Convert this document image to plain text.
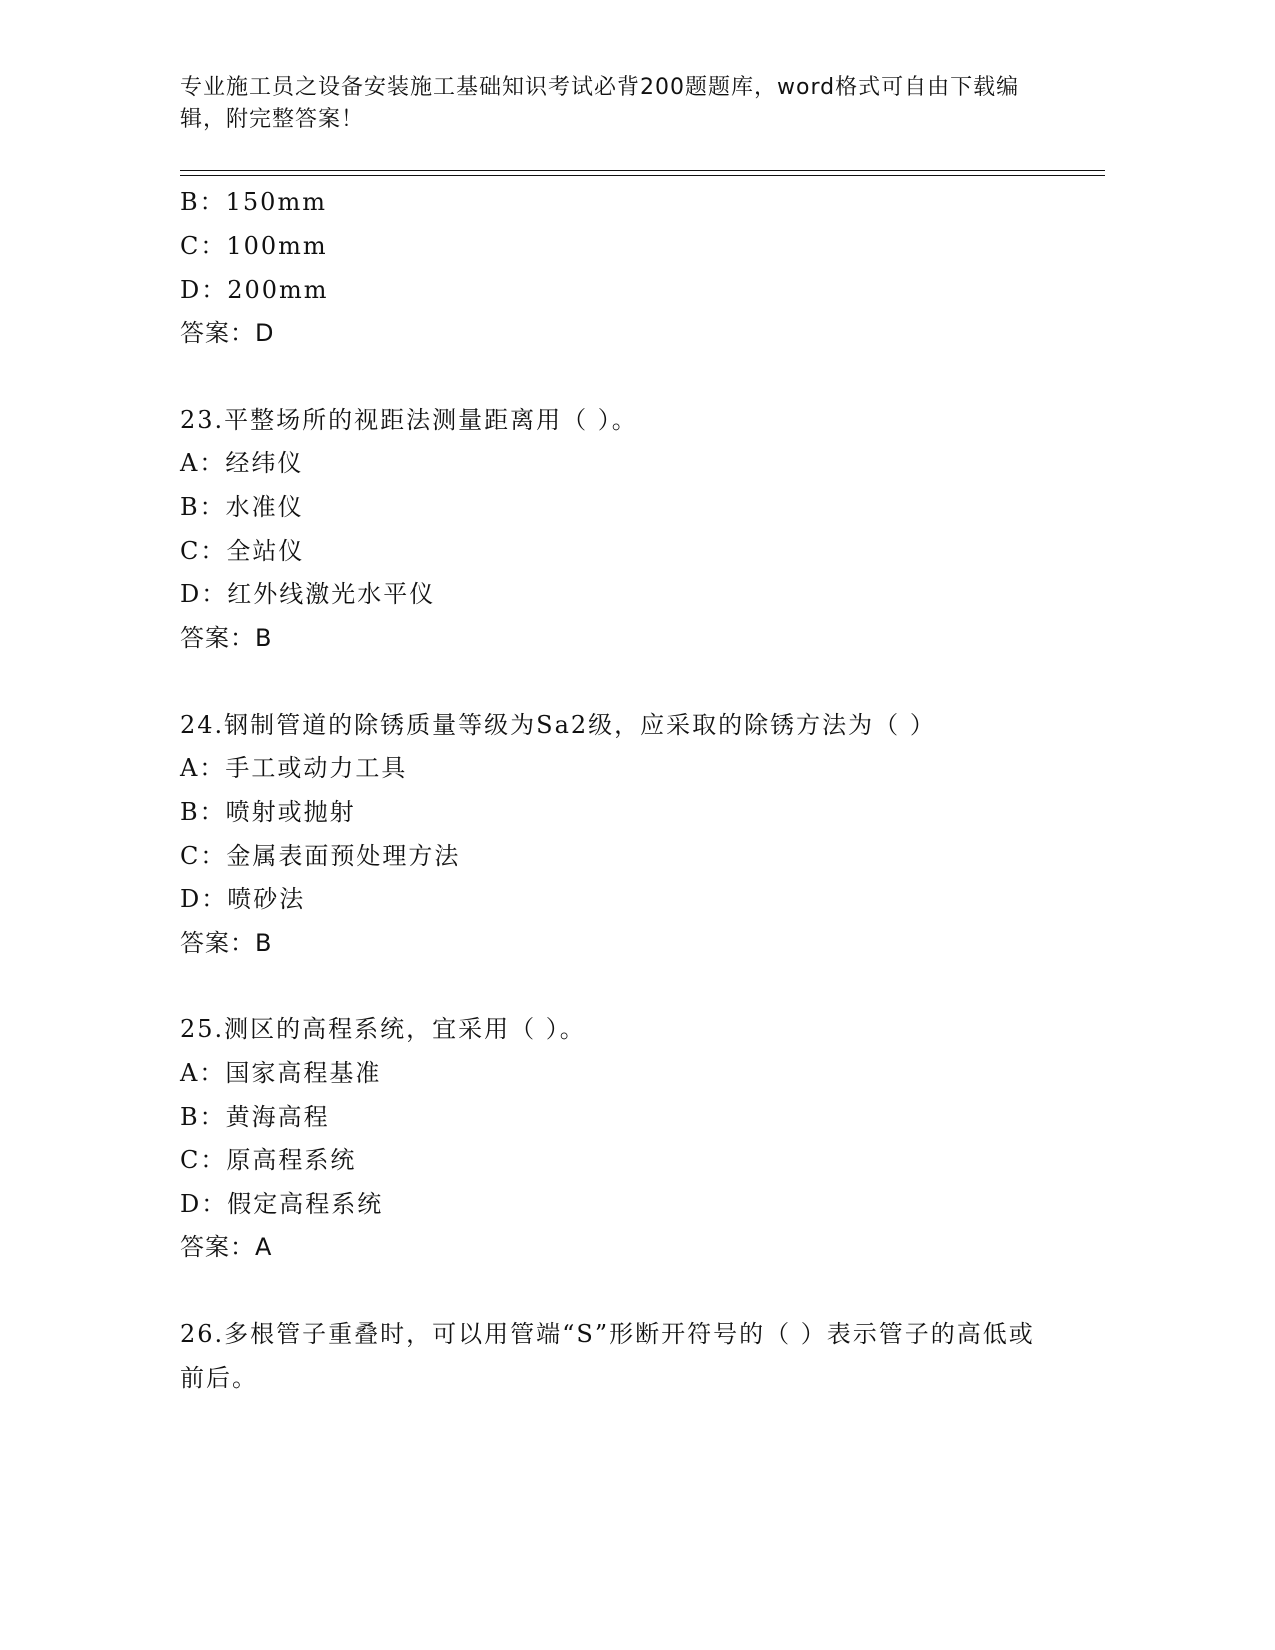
专业施工员之设备安装施工基础知识考试必背200题题库，word格式可自由下载编辑，附完整答案！
B：150mm
C：100mm
D：200mm
答案：D
23.平整场所的视距法测量距离用（ ）。
A：经纬仪
B：水准仪
C：全站仪
D：红外线激光水平仪
答案：B
24.钢制管道的除锈质量等级为Sa2级，应采取的除锈方法为（ ）
A：手工或动力工具
B：喷射或抛射
C：金属表面预处理方法
D：喷砂法
答案：B
25.测区的高程系统，宜采用（ ）。
A：国家高程基准
B：黄海高程
C：原高程系统
D：假定高程系统
答案：A
26.多根管子重叠时，可以用管端“S”形断开符号的（ ）表示管子的高低或前后。
